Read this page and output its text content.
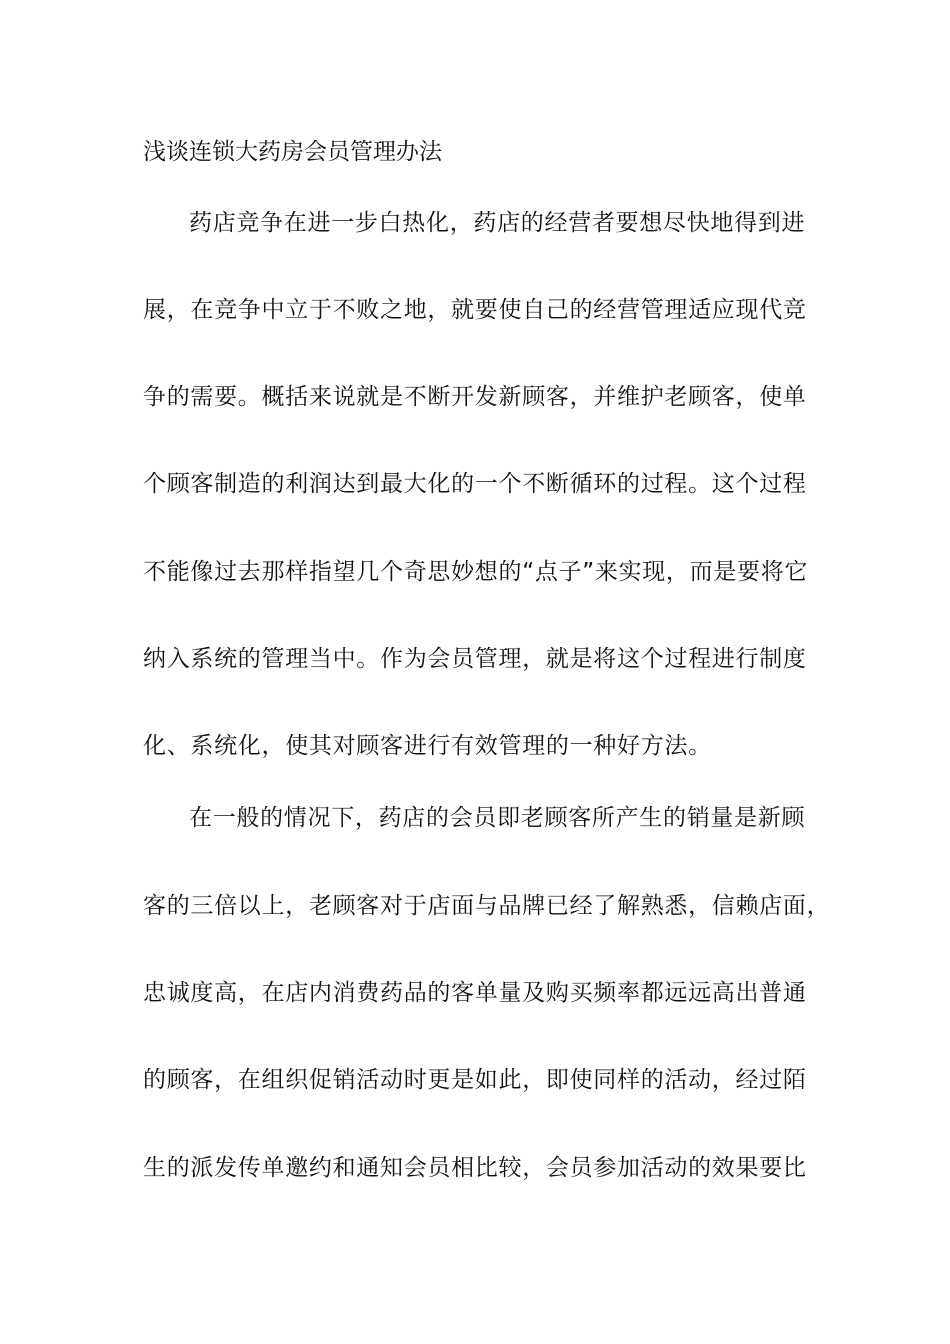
浅谈连锁大药房会员管理办法
药店竞争在进一步白热化，药店的经营者要想尽快地得到进
展，在竞争中立于不败之地，就要使自己的经营管理适应现代竞
争的需要。概括来说就是不断开发新顾客，并维护老顾客，使单
个顾客制造的利润达到最大化的一个不断循环的过程。这个过程
不能像过去那样指望几个奇思妙想的“点子”来实现，而是要将它
纳入系统的管理当中。作为会员管理，就是将这个过程进行制度
化、系统化，使其对顾客进行有效管理的一种好方法。
在一般的情况下，药店的会员即老顾客所产生的销量是新顾
客的三倍以上，老顾客对于店面与品牌已经了解熟悉，信赖店面，
忠诚度高，在店内消费药品的客单量及购买频率都远远高出普通
的顾客，在组织促销活动时更是如此，即使同样的活动，经过陌
生的派发传单邀约和通知会员相比较，会员参加活动的效果要比
